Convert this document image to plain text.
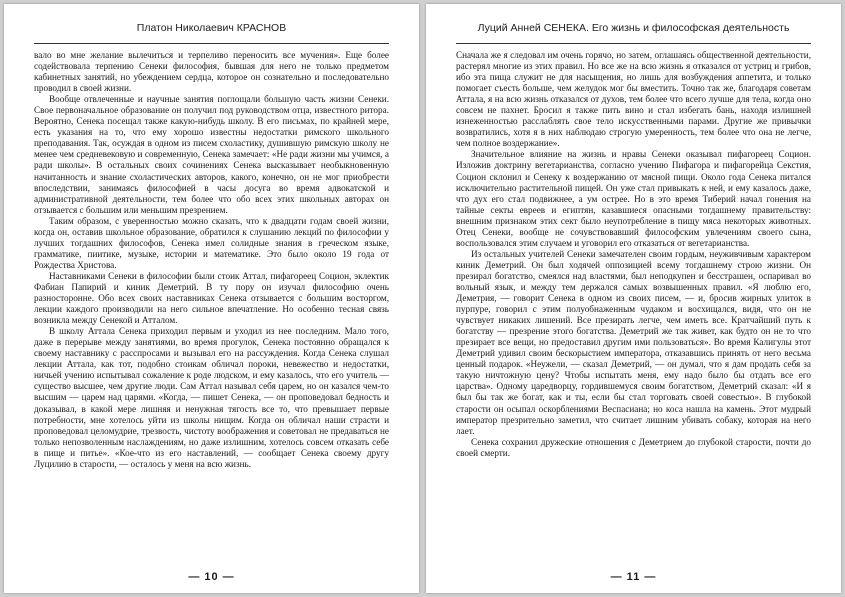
Платон Николаевич КРАСНОВ

вало во мне желание вылечиться и терпеливо переносить все мучения». Еще более содействовала терпению Сенеки философия, бывшая для него не только предметом кабинетных занятий, но убеждением сердца, которое он сознательно и последовательно проводил в своей жизни.

Вообще отвлеченные и научные занятия поглощали большую часть жизни Сенеки. Свое первоначальное образование он получил под руководством отца, известного ритора. Вероятно, Сенека посещал также какую-нибудь школу. В его письмах, по крайней мере, есть указания на то, что ему хорошо известны недостатки римского школьного преподавания. Так, осуждая в одном из писем схоластику, душившую римскую школу не менее чем средневековую и современную, Сенека замечает: «Не ради жизни мы учимся, а ради школы». В остальных своих сочинениях Сенека высказывает необыкновенную начитанность и знание схоластических авторов, какого, конечно, он не мог приобрести впоследствии, занимаясь философией в часы досуга во время адвокатской и административной деятельности, тем более что обо всех этих школьных авторах он отзывается с большим или меньшим презрением.

Таким образом, с уверенностью можно сказать, что к двадцати годам своей жизни, когда он, оставив школьное образование, обратился к слушанию лекций по философии у лучших тогдашних философов, Сенека имел солидные знания в греческом языке, грамматике, пиитике, музыке, истории и математике. Это было около 19 года от Рождества Христова.

Наставниками Сенеки в философии были стоик Аттал, пифагореец Социон, эклектик Фабиан Папирий и киник Деметрий. В ту пору он изучал философию очень разносторонне. Обо всех своих наставниках Сенека отзывается с большим восторгом, лекции каждого производили на него сильное впечатление. Но особенно тесная связь возникла между Сенекой и Атталом.

В школу Аттала Сенека приходил первым и уходил из нее последним. Мало того, даже в перерыве между занятиями, во время прогулок, Сенека постоянно обращался к своему наставнику с расспросами и вызывал его на рассуждения. Когда Сенека слушал лекции Аттала, как тот, подобно стоикам обличал пороки, невежество и недостатки, ничьей учению испытывал сожаление к роде людском, и ему казалось, что его учитель — существо высшее, чем другие люди. Сам Аттал называл себя царем, но он казался чем-то высшим — царем над царями. «Когда, — пишет Сенека, — он проповедовал бедность и доказывал, в какой мере лишняя и ненужная тягость все то, что превышает первые потребности, мне хотелось уйти из школы нищим. Когда он обличал наши страсти и проповедовал целомудрие, трезвость, чистоту воображения и советовал не предаваться не только непозволенным наслаждениям, но даже излишним, хотелось совсем отказать себе в пище и питье». «Кое-что из его наставлений, — сообщает Сенека своему другу Луцилию в старости, — осталось у меня на всю жизнь.

— 10 —
Луций Анней СЕНЕКА. Его жизнь и философская деятельность

Сначала же я следовал им очень горячо, но затем, оглашаясь общественной деятельности, растерял многие из этих правил. Но все же на всю жизнь я отказался от устриц и грибов, ибо эта пища служит не для насыщения, но лишь для возбуждения аппетита, и только помогает съесть больше, чем желудок мог бы вместить. Точно так же, благодаря советам Аттала, я на всю жизнь отказался от духов, тем более что всего лучше для тела, когда оно совсем не пахнет. Бросил я также пить вино и стал избегать бань, находя излишней изнеженностью расслаблять свое тело искусственными парами. Другие же привычки возвратились, хотя я в них наблюдаю строгую умеренность, тем более что она не легче, чем полное воздержание».

Значительное влияние на жизнь и нравы Сенеки оказывал пифагореец Социон. Изложив доктрину вегетарианства, согласно учению Пифагора и пифагорейца Секстия, Социон склонил и Сенеку к воздержанию от мясной пищи. Около года Сенека питался исключительно растительной пищей. Он уже стал привыкать к ней, и ему казалось даже, что дух его стал подвижнее, а ум острее. Но в это время Тиберий начал гонения на тайные секты евреев и египтян, казавшиеся опасными тогдашнему правительству: внешним признаком этих сект было неупотребление в пищу мяса некоторых животных. Отец Сенеки, вообще не сочувствовавший философским увлечениям своего сына, воспользовался этим случаем и уговорил его отказаться от вегетарианства.

Из остальных учителей Сенеки замечателен своим гордым, неуживчивым характером киник Деметрий. Он был ходячей оппозицией всему тогдашнему строю жизни. Он презирал богатство, смеялся над властями, был неподкупен и бесстрашен, оспаривал во вольный язык, и между тем держался самых возвышенных правил. «Я люблю его, Деметрия, — говорит Сенека в одном из своих писем, — и, бросив жирных улиток в пурпуре, говорил с этим полуобнаженным чудаком и восхищался, видя, что он не чувствует никаких лишений. Все презирать легче, чем иметь все. Кратчайший путь к богатству — презрение этого богатства. Деметрий же так живет, как будто он не то что презирает все вещи, но предоставил другим ими пользоваться». Во время Калигулы этот Деметрий удивил своим бескорыстием императора, отказавшись принять от него весьма ценный подарок. «Неужели, — сказал Деметрий, — он думал, что я дам продать себя за такую ничтожную цену? Чтобы испытать меня, ему надо было бы отдать все его царства». Одному царедворцу, гордившемуся своим богатством, Деметрий сказал: «И я был бы так же богат, как и ты, если бы стал торговать своей совестью». В глубокой старости он осыпал оскорблениями Веспасиана; но коса нашла на камень. Этот мудрый император презрительно заметил, что считает лишним убивать собаку, которая на него лает.

Сенека сохранил дружеские отношения с Деметрием до глубокой старости, почти до своей смерти.

— 11 —
